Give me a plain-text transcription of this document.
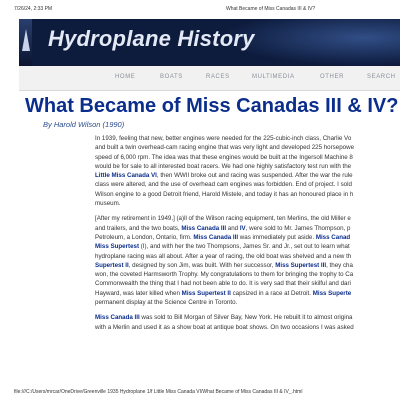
7/26/24, 2:33 PM	What Became of Miss Canadas III & IV?
Hydroplane History
HOME	BOATS	RACES	MULTIMEDIA	OTHER	SEARCH
What Became of Miss Canadas III & IV?
By Harold Wilson (1990)
In 1939, feeling that new, better engines were needed for the 225-cubic-inch class, Charlie Vo
and built a twin overhead-cam racing engine that was very light and developed 225 horsepowe
speed of 6,000 rpm. The idea was that these engines would be built at the Ingersoll Machine 8
would be for sale to all interested boat racers. We had one highly satisfactory test run with the
Little Miss Canada VI, then WWII broke out and racing was suspended. After the war the rule
class were altered, and the use of overhead cam engines was forbidden. End of project. I sold
Wilson engine to a good Detroit friend, Harold Mistele, and today it has an honoured place in h
museum.
[After my retirement in 1949,] (a)ll of the Wilson racing equipment, ten Merlins, the old Miller e
and trailers, and the two boats, Miss Canada III and IV, were sold to Mr. James Thompson, p
Petroleum, a London, Ontario, firm. Miss Canada III was immediately put aside. Miss Canad
Miss Supertest (I), and with her the two Thompsons, James Sr. and Jr., set out to learn what
hydroplane racing was all about. After a year of racing, the old boat was shelved and a new th
Supertest II, designed by son Jim, was built. With her successor, Miss Supertest III, they cha
won, the coveted Harmsworth Trophy. My congratulations to them for bringing the trophy to Ca
Commonwealth the thing that I had not been able to do. It is very sad that their skilful and dari
Hayward, was later killed when Miss Supertest II capsized in a race at Detroit. Miss Superte
permanent display at the Science Centre in Toronto.
Miss Canada III was sold to Bill Morgan of Silver Bay, New York. He rebuilt it to almost origina
with a Merlin and used it as a show boat at antique boat shows. On two occasions I was asked
file:///C:/Users/mrcar/OneDrive/Greenville 1935 Hydroplane 1/f Little Miss Canada VI/What Became of Miss Canadas III & IV_.html
